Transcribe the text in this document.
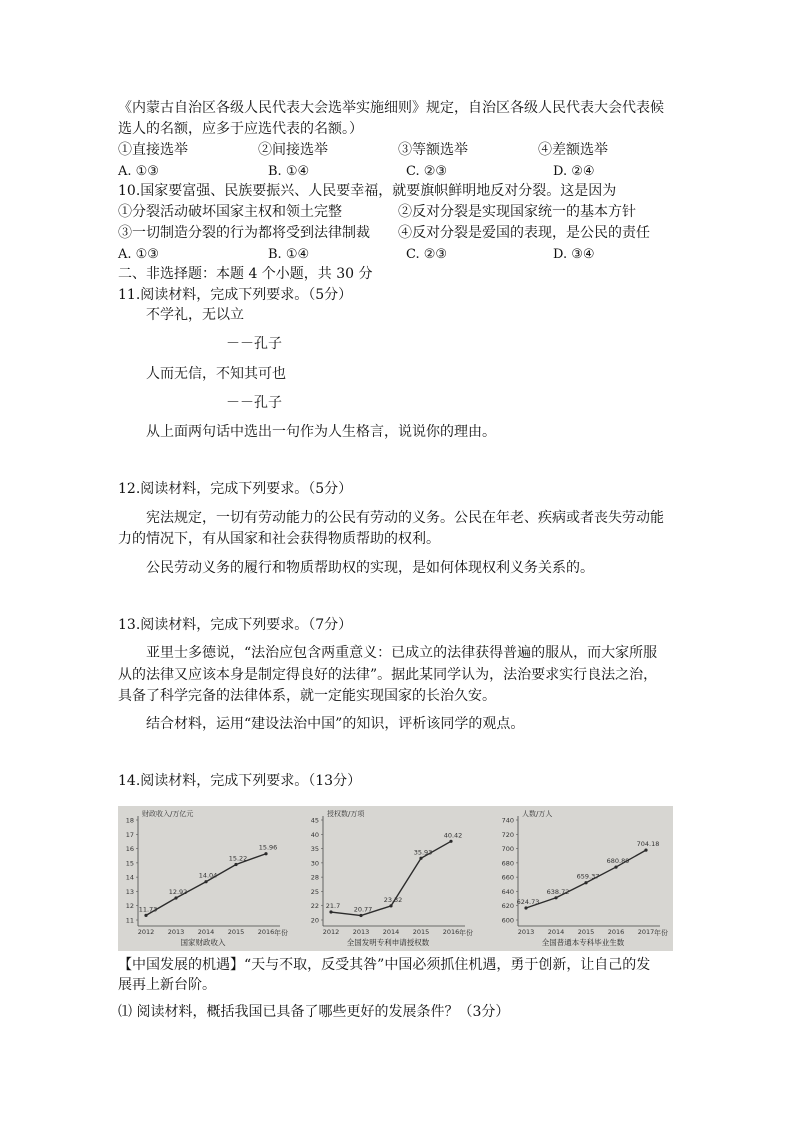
《内蒙古自治区各级人民代表大会选举实施细则》规定，自治区各级人民代表大会代表候
选人的名额，应多于应选代表的名额。）
①直接选举	②间接选举	③等额选举	④差额选举
A. ①③	B. ①④	C. ②③	D. ②④
10.国家要富强、民族要振兴、人民要幸福，就要旗帜鲜明地反对分裂。这是因为
①分裂活动破坏国家主权和领土完整	②反对分裂是实现国家统一的基本方针
③一切制造分裂的行为都将受到法律制裁 ④反对分裂是爱国的表现，是公民的责任
A. ①③	B. ①④	C. ②③	D. ③④
二、非选择题：本题 4 个小题，共 30 分
11.阅读材料，完成下列要求。（5分）
不学礼，无以立
－－孔子
人而无信，不知其可也
－－孔子
从上面两句话中选出一句作为人生格言，说说你的理由。
12.阅读材料，完成下列要求。（5分）
宪法规定，一切有劳动能力的公民有劳动的义务。公民在年老、疾病或者丧失劳动能
力的情况下，有从国家和社会获得物质帮助的权利。
公民劳动义务的履行和物质帮助权的实现，是如何体现权利义务关系的。
13.阅读材料，完成下列要求。（7分）
亚里士多德说，“法治应包含两重意义：已成立的法律获得普遍的服从，而大家所服
从的法律又应该本身是制定得良好的法律”。据此某同学认为，法治要求实行良法之治，
具备了科学完备的法律体系，就一定能实现国家的长治久安。
结合材料，运用“建设法治中国”的知识，评析该同学的观点。
14.阅读材料，完成下列要求。（13分）
财政收入/万亿元
年份
11
12
13
14
15
16
17
18
2012 2013 2014 2015 2016
11.73
12.92
14.04
15.22
15.96
国家财政收入
授权数/万项
年份
20
22
25
28
30
35
40
45
2012 2013 2014 2015 2016
21.7 20.77
23.32
35.93
40.42
全国发明专利申请授权数
人数/万人
年份
600
620
640
660
680
700
720
740
2013 2014 2015 2016 2017
624.73
638.72
659.37
680.89
704.18
全国普通本专科毕业生数
【中国发展的机遇】“天与不取，反受其咎”中国必须抓住机遇，勇于创新，让自己的发
展再上新台阶。
⑴ 阅读材料，概括我国已具备了哪些更好的发展条件？（3分）
